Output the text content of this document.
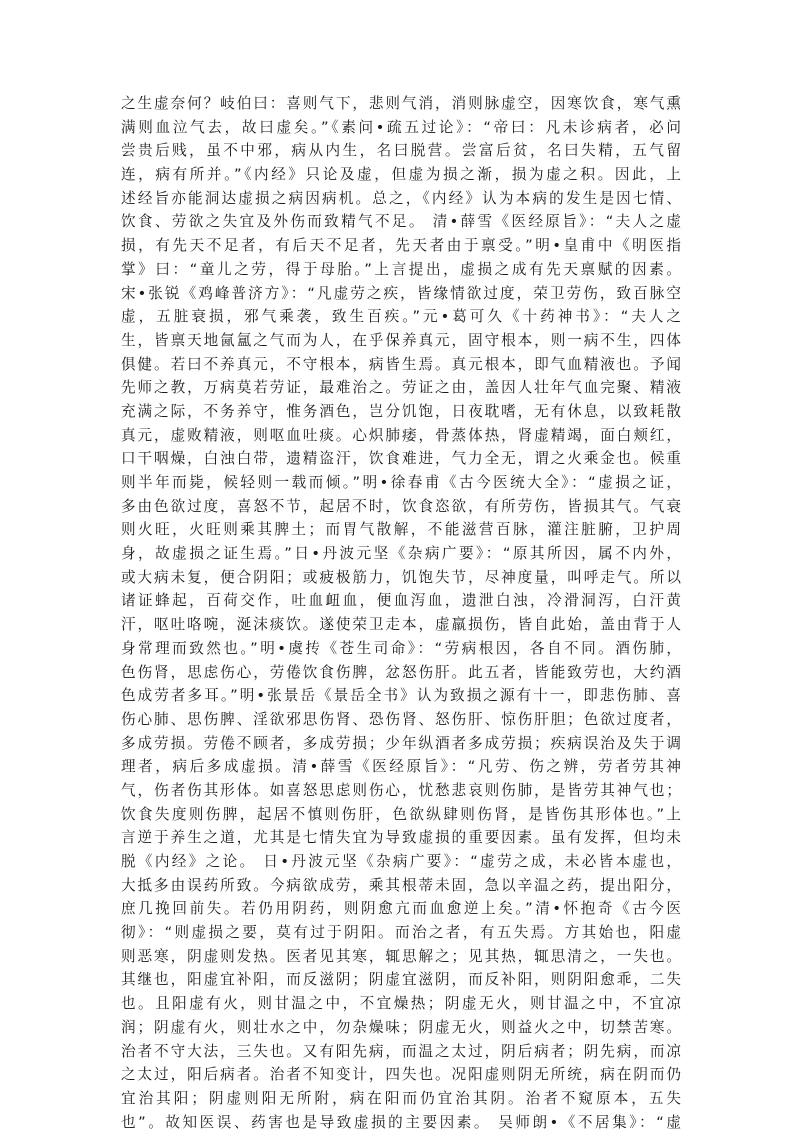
之生虚奈何？岐伯曰：喜则气下，悲则气消，消则脉虚空，因寒饮食，寒气熏
满则血泣气去，故曰虚矣。”《素问•疏五过论》：“帝曰：凡未诊病者，必问
尝贵后贱，虽不中邪，病从内生，名曰脱营。尝富后贫，名曰失精，五气留
连，病有所并。”《内经》只论及虚，但虚为损之渐，损为虚之积。因此，上
述经旨亦能洞达虚损之病因病机。总之，《内经》认为本病的发生是因七情、
饮食、劳欲之失宜及外伤而致精气不足。 清•薛雪《医经原旨》：“夫人之虚
损，有先天不足者，有后天不足者，先天者由于禀受。”明•皇甫中《明医指
掌》曰：“童儿之劳，得于母胎。”上言提出，虚损之成有先天禀赋的因素。
宋•张锐《鸡峰普济方》：“凡虚劳之疾，皆缘情欲过度，荣卫劳伤，致百脉空
虚，五脏衰损，邪气乘袭，致生百疾。”元•葛可久《十药神书》：“夫人之
生，皆禀天地氤氲之气而为人，在乎保养真元，固守根本，则一病不生，四体
俱健。若曰不养真元，不守根本，病皆生焉。真元根本，即气血精液也。予闻
先师之教，万病莫若劳证，最难治之。劳证之由，盖因人壮年气血完聚、精液
充满之际，不务养守，惟务酒色，岂分饥饱，日夜耽嗜，无有休息，以致耗散
真元，虚败精液，则呕血吐痰。心炽肺痿，骨蒸体热，肾虚精竭，面白颊红，
口干咽燥，白浊白带，遗精盗汗，饮食难进，气力全无，谓之火乘金也。候重
则半年而毙，候轻则一载而倾。”明•徐春甫《古今医统大全》：“虚损之证，
多由色欲过度，喜怒不节，起居不时，饮食恣欲，有所劳伤，皆损其气。气衰
则火旺，火旺则乘其脾土；而胃气散解，不能滋营百脉，灌注脏腑，卫护周
身，故虚损之证生焉。”日•丹波元坚《杂病广要》：“原其所因，属不内外，
或大病未复，便合阴阳；或疲极筋力，饥饱失节，尽神度量，叫呼走气。所以
诸证蜂起，百荷交作，吐血衄血，便血泻血，遗泄白浊，冷滑洞泻，白汗黄
汗，呕吐咯啘，涎沫痰饮。遂使荣卫走本，虚羸损伤，皆自此始，盖由背于人
身常理而致然也。”明•虞抟《苍生司命》：“劳病根因，各自不同。酒伤肺，
色伤肾，思虑伤心，劳倦饮食伤脾，忿怒伤肝。此五者，皆能致劳也，大约酒
色成劳者多耳。”明•张景岳《景岳全书》认为致损之源有十一，即悲伤肺、喜
伤心肺、思伤脾、淫欲邪思伤肾、恐伤肾、怒伤肝、惊伤肝胆；色欲过度者，
多成劳损。劳倦不顾者，多成劳损；少年纵酒者多成劳损；疾病误治及失于调
理者，病后多成虚损。清•薛雪《医经原旨》：“凡劳、伤之辨，劳者劳其神
气，伤者伤其形体。如喜怒思虑则伤心，忧愁悲哀则伤肺，是皆劳其神气也；
饮食失度则伤脾，起居不慎则伤肝，色欲纵肆则伤肾，是皆伤其形体也。”上
言逆于养生之道，尤其是七情失宜为导致虚损的重要因素。虽有发挥，但均未
脱《内经》之论。 日•丹波元坚《杂病广要》：“虚劳之成，未必皆本虚也，
大抵多由误药所致。今病欲成劳，乘其根蒂未固，急以辛温之药，提出阳分，
庶几挽回前失。若仍用阴药，则阴愈亢而血愈逆上矣。”清•怀抱奇《古今医
彻》：“则虚损之要，莫有过于阴阳。而治之者，有五失焉。方其始也，阳虚
则恶寒，阴虚则发热。医者见其寒，辄思解之；见其热，辄思清之，一失也。
其继也，阳虚宜补阳，而反滋阴；阴虚宜滋阴，而反补阳，则阴阳愈乖，二失
也。且阳虚有火，则甘温之中，不宜燥热；阴虚无火，则甘温之中，不宜凉
润；阴虚有火，则壮水之中，勿杂燥味；阴虚无火，则益火之中，切禁苦寒。
治者不守大法，三失也。又有阳先病，而温之太过，阴后病者；阴先病，而凉
之太过，阳后病者。治者不知变计，四失也。况阳虚则阴无所统，病在阴而仍
宜治其阳；阴虚则阳无所附，病在阳而仍宜治其阴。治者不窥原本，五失
也”。故知医误、药害也是导致虚损的主要因素。 吴师朗•《不居集》：“虚
